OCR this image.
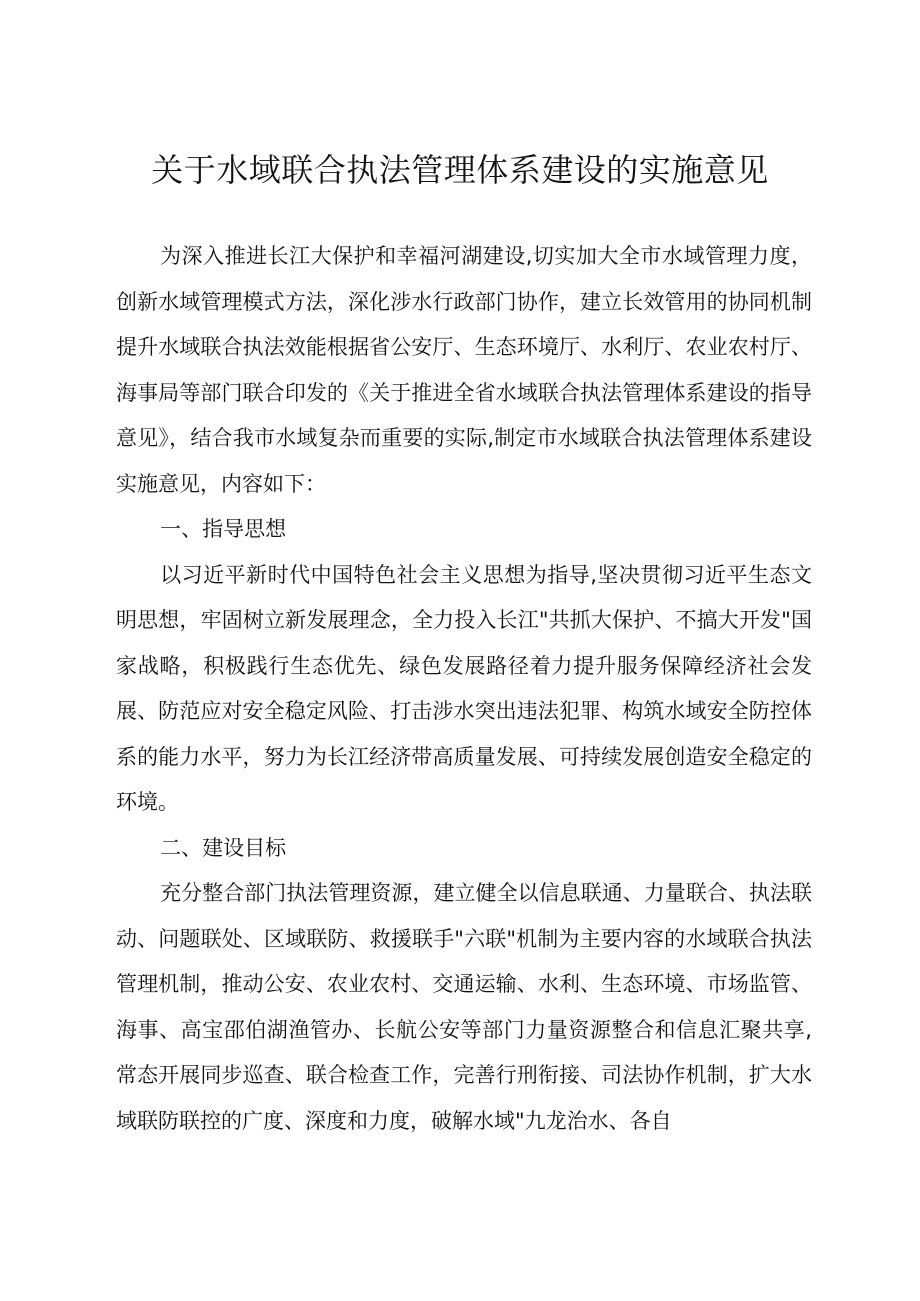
关于水域联合执法管理体系建设的实施意见

为深入推进长江大保护和幸福河湖建设,切实加大全市水域管理力度，创新水域管理模式方法，深化涉水行政部门协作，建立长效管用的协同机制提升水域联合执法效能根据省公安厅、生态环境厅、水利厅、农业农村厅、海事局等部门联合印发的《关于推进全省水域联合执法管理体系建设的指导意见》，结合我市水域复杂而重要的实际,制定市水域联合执法管理体系建设实施意见，内容如下：

一、指导思想

以习近平新时代中国特色社会主义思想为指导,坚决贯彻习近平生态文明思想，牢固树立新发展理念，全力投入长江"共抓大保护、不搞大开发"国家战略，积极践行生态优先、绿色发展路径着力提升服务保障经济社会发展、防范应对安全稳定风险、打击涉水突出违法犯罪、构筑水域安全防控体系的能力水平，努力为长江经济带高质量发展、可持续发展创造安全稳定的环境。

二、建设目标

充分整合部门执法管理资源，建立健全以信息联通、力量联合、执法联动、问题联处、区域联防、救援联手"六联"机制为主要内容的水域联合执法管理机制，推动公安、农业农村、交通运输、水利、生态环境、市场监管、海事、高宝邵伯湖渔管办、长航公安等部门力量资源整合和信息汇聚共享,常态开展同步巡查、联合检查工作，完善行刑衔接、司法协作机制，扩大水域联防联控的广度、深度和力度，破解水域"九龙治水、各自
